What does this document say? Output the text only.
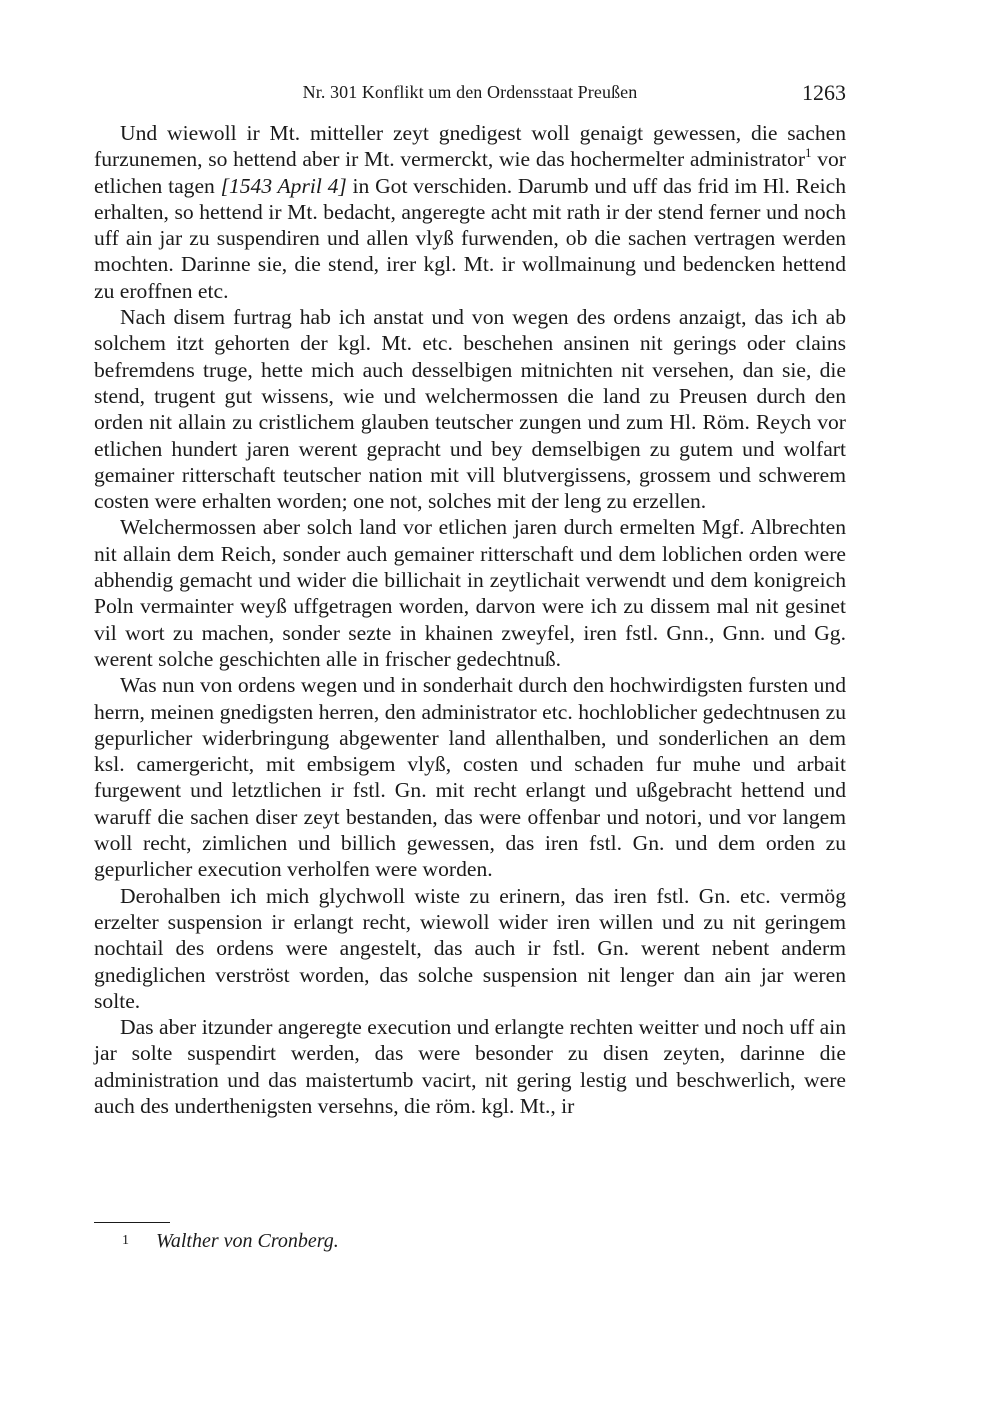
Nr. 301 Konflikt um den Ordensstaat Preußen	1263

Und wiewoll ir Mt. mitteller zeyt gnedigest woll genaigt gewessen, die sachen furzunemen, so hettend aber ir Mt. vermerckt, wie das hochermelter administrator$^1$ vor etlichen tagen [1543 April 4] in Got verschiden. Darumb und uff das frid im Hl. Reich erhalten, so hettend ir Mt. bedacht, angeregte acht mit rath ir der stend ferner und noch uff ain jar zu suspendiren und allen vlyß furwenden, ob die sachen vertragen werden mochten. Darinne sie, die stend, irer kgl. Mt. ir wollmainung und bedencken hettend zu eroffnen etc.

Nach disem furtrag hab ich anstat und von wegen des ordens anzaigt, das ich ab solchem itzt gehorten der kgl. Mt. etc. beschehen ansinen nit gerings oder clains befremdens truge, hette mich auch desselbigen mitnichten nit versehen, dan sie, die stend, trugent gut wissens, wie und welchermossen die land zu Preusen durch den orden nit allain zu cristlichem glauben teutscher zungen und zum Hl. Röm. Reych vor etlichen hundert jaren werent gepracht und bey demselbigen zu gutem und wolfart gemainer ritterschaft teutscher nation mit vill blutvergissens, grossem und schwerem costen were erhalten worden; one not, solches mit der leng zu erzellen.

Welchermossen aber solch land vor etlichen jaren durch ermelten Mgf. Albrechten nit allain dem Reich, sonder auch gemainer ritterschaft und dem loblichen orden were abhendig gemacht und wider die billichait in zeytlichait verwendt und dem konigreich Poln vermainter weyß uffgetragen worden, darvon were ich zu dissem mal nit gesinet vil wort zu machen, sonder sezte in khainen zweyfel, iren fstl. Gnn., Gnn. und Gg. werent solche geschichten alle in frischer gedechtnuß.

Was nun von ordens wegen und in sonderhait durch den hochwirdigsten fursten und herrn, meinen gnedigsten herren, den administrator etc. hochloblicher gedechtnusen zu gepurlicher widerbringung abgewenter land allenthalben, und sonderlichen an dem ksl. camergericht, mit embsigem vlyß, costen und schaden fur muhe und arbait furgewent und letztlichen ir fstl. Gn. mit recht erlangt und ußgebracht hettend und waruff die sachen diser zeyt bestanden, das were offenbar und notori, und vor langem woll recht, zimlichen und billich gewessen, das iren fstl. Gn. und dem orden zu gepurlicher execution verholfen were worden.

Derohalben ich mich glychwoll wiste zu erinern, das iren fstl. Gn. etc. vermög erzelter suspension ir erlangt recht, wiewoll wider iren willen und zu nit geringem nochtail des ordens were angestelt, das auch ir fstl. Gn. werent nebent anderm gnediglichen verströst worden, das solche suspension nit lenger dan ain jar weren solte.

Das aber itzunder angeregte execution und erlangte rechten weitter und noch uff ain jar solte suspendirt werden, das were besonder zu disen zeyten, darinne die administration und das maistertumb vacirt, nit gering lestig und beschwerlich, were auch des underthenigsten versehns, die röm. kgl. Mt., ir

1 Walther von Cronberg.
